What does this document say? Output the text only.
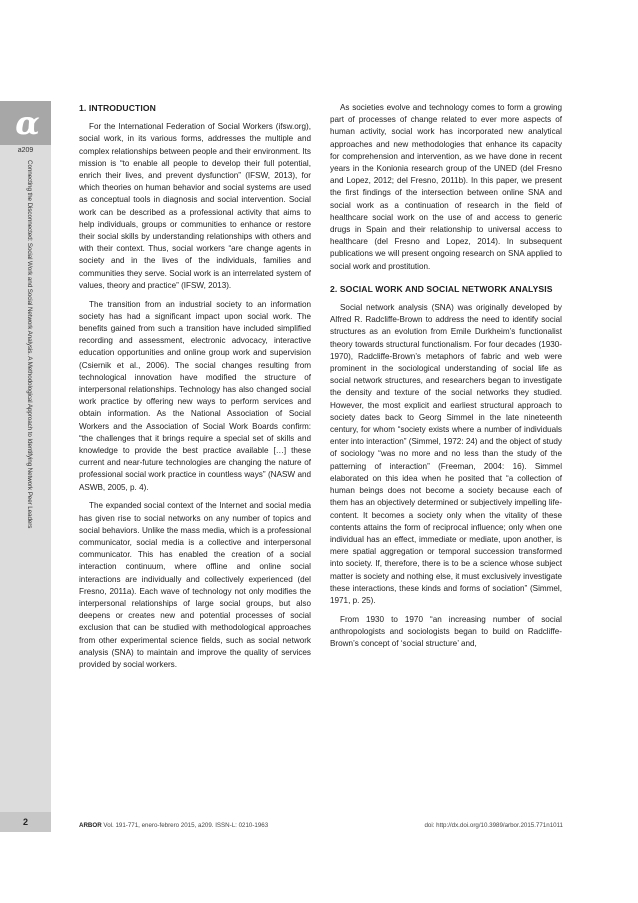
α
a209
Connecting the Disconnected: Social Work and Social Network Analysis. A Methodological Approach to Identifying Network Peer Leaders
2
1. INTRODUCTION

For the International Federation of Social Workers (ifsw.org), social work, in its various forms, addresses the multiple and complex relationships between people and their environment. Its mission is “to enable all people to develop their full potential, enrich their lives, and prevent dysfunction” (IFSW, 2013), for which theories on human behavior and social systems are used as conceptual tools in diagnosis and social intervention. Social work can be described as a professional activity that aims to help individuals, groups or communities to enhance or restore their social skills by understanding relationships with others and with their context. Thus, social workers “are change agents in society and in the lives of the individuals, families and communities they serve. Social work is an interrelated system of values, theory and practice” (IFSW, 2013).

The transition from an industrial society to an information society has had a significant impact upon social work. The benefits gained from such a transition have included simplified recording and assessment, electronic advocacy, interactive education opportunities and online group work and supervision (Csiernik et al., 2006). The social changes resulting from technological innovation have modified the structure of interpersonal relationships. Technology has also changed social work practice by offering new ways to perform services and obtain information. As the National Association of Social Workers and the Association of Social Work Boards confirm: “the challenges that it brings require a special set of skills and knowledge to provide the best practice available […] these current and near-future technologies are changing the nature of professional social work practice in countless ways” (NASW and ASWB, 2005, p. 4).

The expanded social context of the Internet and social media has given rise to social networks on any number of topics and social behaviors. Unlike the mass media, which is a professional communicator, social media is a collective and interpersonal communicator. This has enabled the creation of a social interaction continuum, where offline and online social interactions are individually and collectively experienced (del Fresno, 2011a). Each wave of technology not only modifies the interpersonal relationships of large social groups, but also deepens or creates new and potential processes of social exclusion that can be studied with methodological approaches from other experimental science fields, such as social network analysis (SNA) to maintain and improve the quality of services provided by social workers.

As societies evolve and technology comes to form a growing part of processes of change related to ever more aspects of human activity, social work has incorporated new analytical approaches and new methodologies that enhance its capacity for comprehension and intervention, as we have done in recent years in the Konionia research group of the UNED (del Fresno and Lopez, 2012; del Fresno, 2011b). In this paper, we present the first findings of the intersection between online SNA and social work as a continuation of research in the field of healthcare social work on the use of and access to generic drugs in Spain and their relationship to universal access to healthcare (del Fresno and Lopez, 2014). In subsequent publications we will present ongoing research on SNA applied to social work and prostitution.

2. SOCIAL WORK AND SOCIAL NETWORK ANALYSIS

Social network analysis (SNA) was originally developed by Alfred R. Radcliffe-Brown to address the need to identify social structures as an evolution from Emile Durkheim’s functionalist theory towards structural functionalism. For four decades (1930-1970), Radcliffe-Brown’s metaphors of fabric and web were prominent in the sociological understanding of social life as social network structures, and researchers began to investigate the density and texture of the social networks they studied. However, the most explicit and earliest structural approach to society dates back to Georg Simmel in the late nineteenth century, for whom “society exists where a number of individuals enter into interaction” (Simmel, 1972: 24) and the object of study of sociology “was no more and no less than the study of the patterning of interaction” (Freeman, 2004: 16). Simmel elaborated on this idea when he posited that “a collection of human beings does not become a society because each of them has an objectively determined or subjectively impelling life-content. It becomes a society only when the vitality of these contents attains the form of reciprocal influence; only when one individual has an effect, immediate or mediate, upon another, is mere spatial aggregation or temporal succession transformed into society. If, therefore, there is to be a science whose subject matter is society and nothing else, it must exclusively investigate these interactions, these kinds and forms of sociation” (Simmel, 1971, p. 25).

From 1930 to 1970 “an increasing number of social anthropologists and sociologists began to build on Radcliffe-Brown’s concept of ‘social structure’ and,

ARBOR Vol. 191-771, enero-febrero 2015, a209. ISSN-L: 0210-1963	doi: http://dx.doi.org/10.3989/arbor.2015.771n1011
